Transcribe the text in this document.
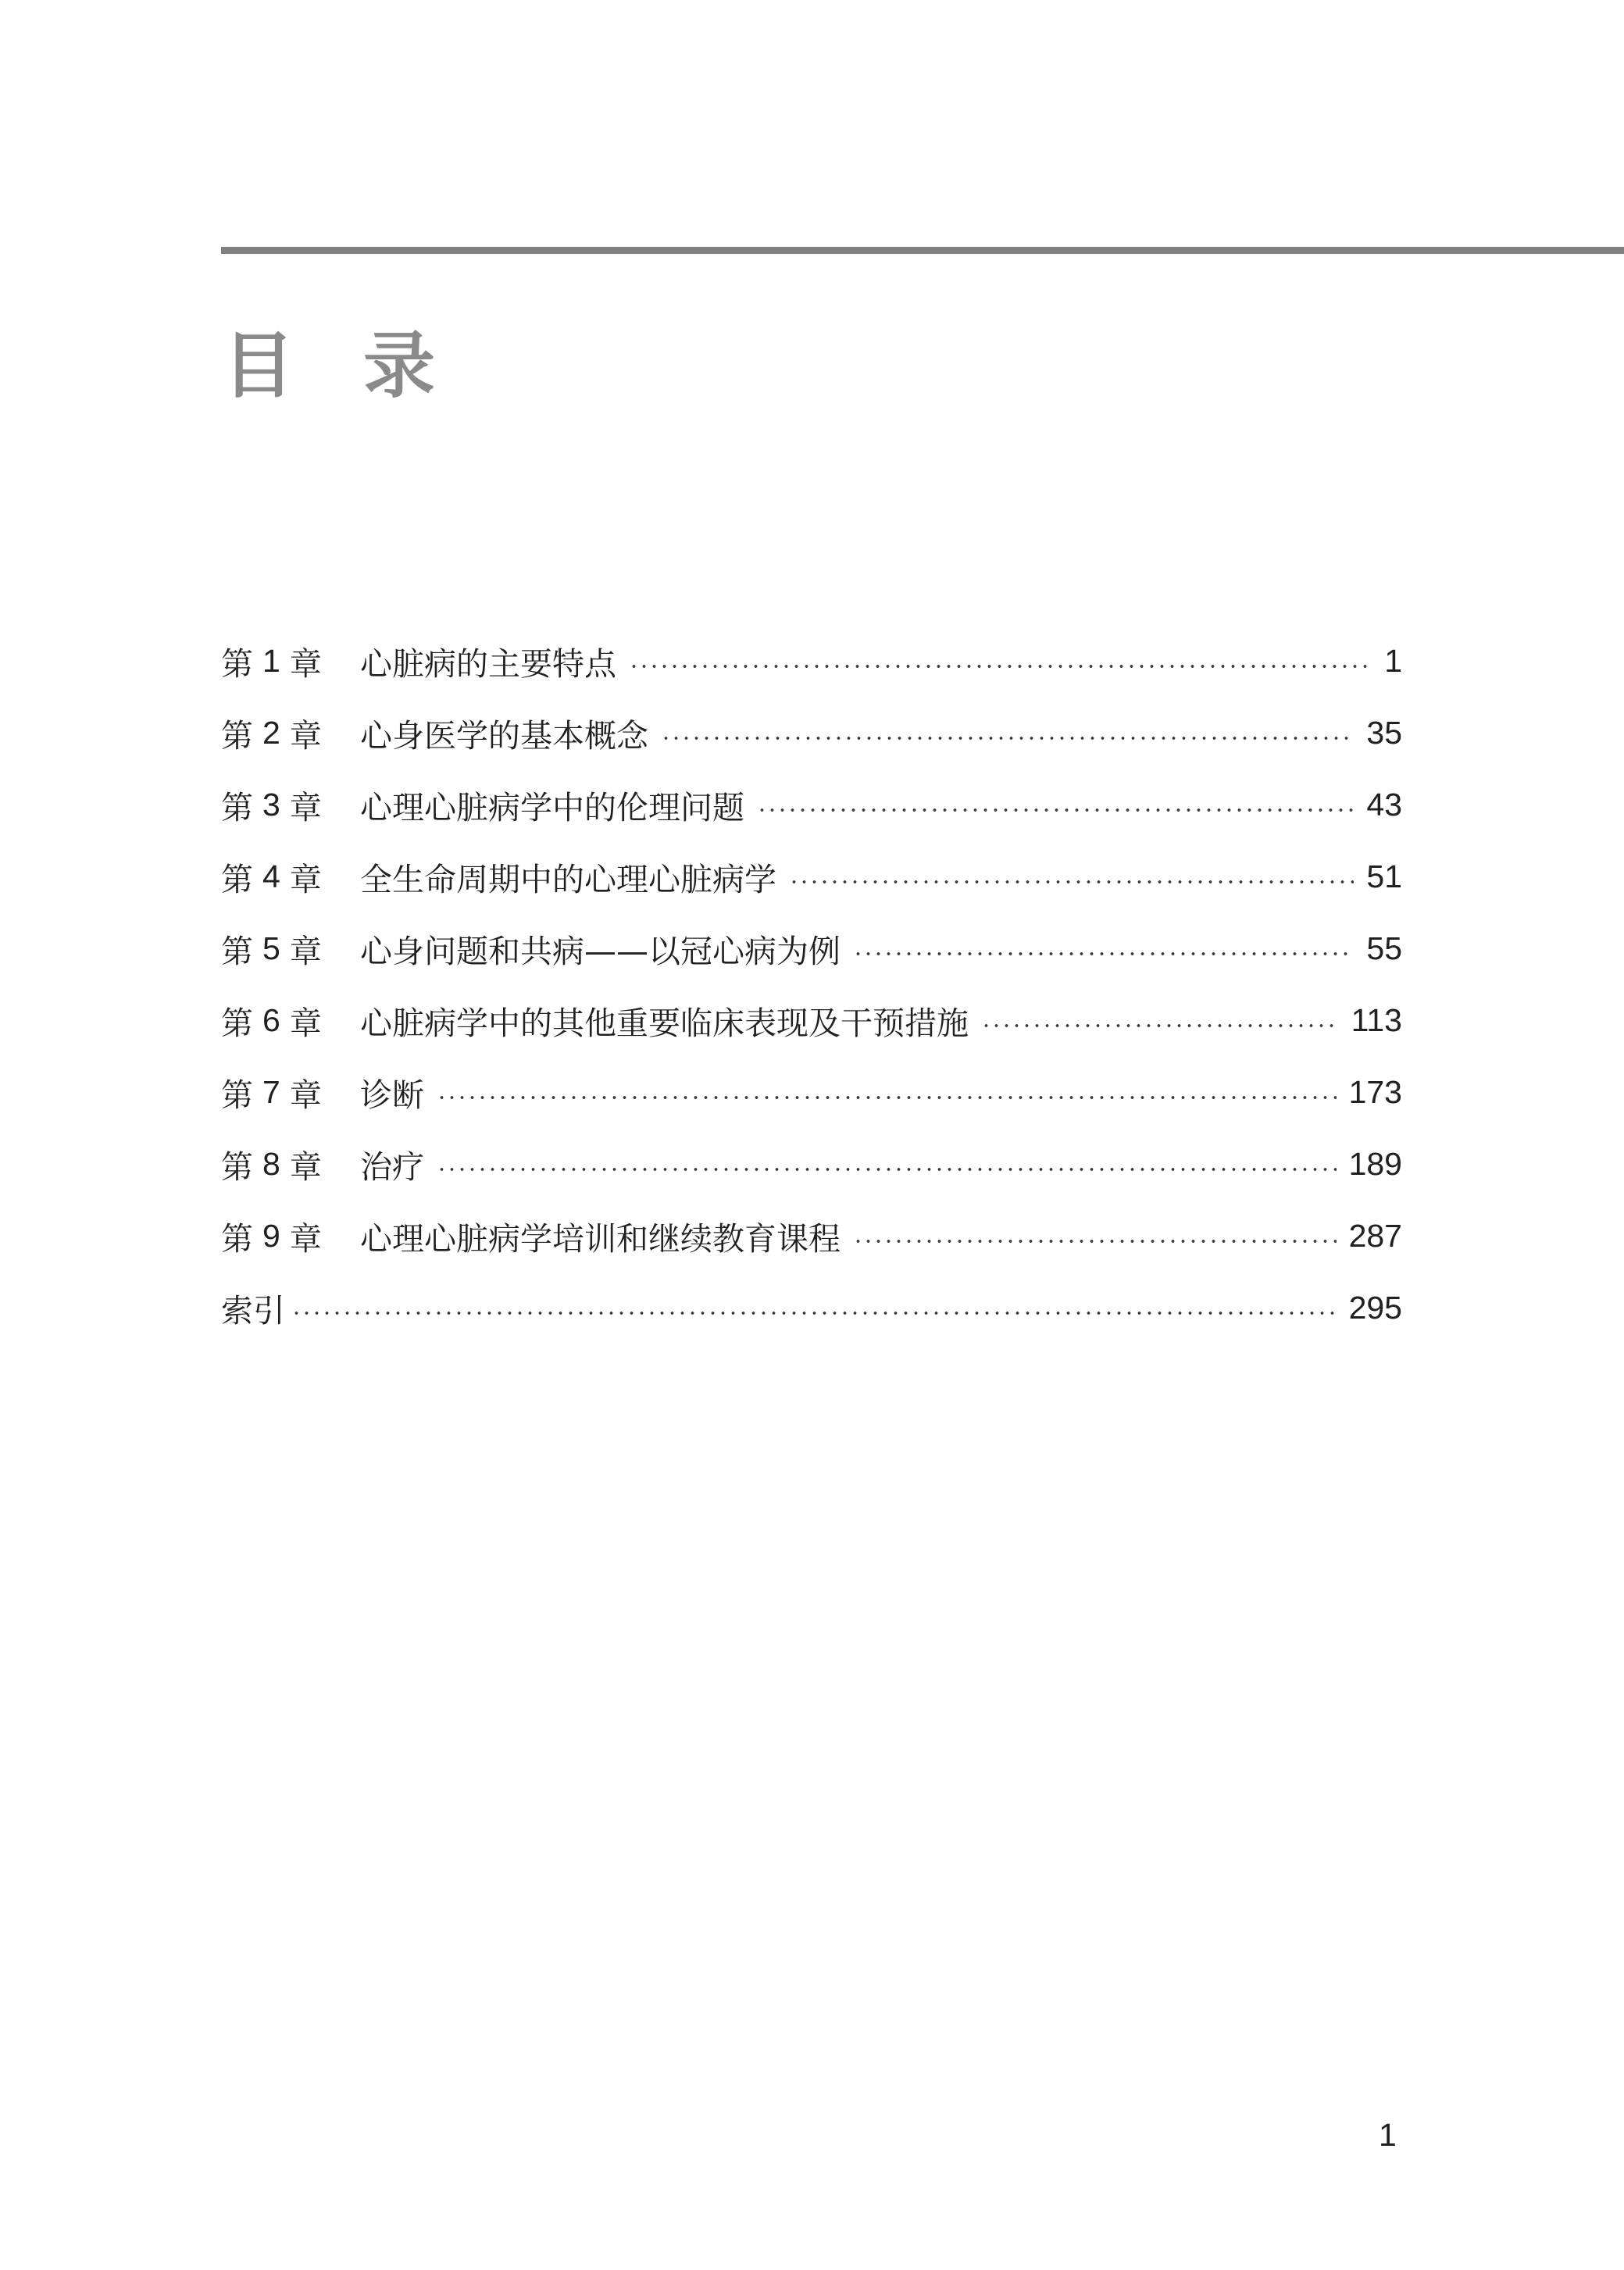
目 录
第 1 章 心脏病的主要特点	1
第 2 章 心身医学的基本概念	35
第 3 章 心理心脏病学中的伦理问题	43
第 4 章 全生命周期中的心理心脏病学	51
第 5 章 心身问题和共病——以冠心病为例	55
第 6 章 心脏病学中的其他重要临床表现及干预措施	113
第 7 章 诊断	173
第 8 章 治疗	189
第 9 章 心理心脏病学培训和继续教育课程	287
索引	295
1
